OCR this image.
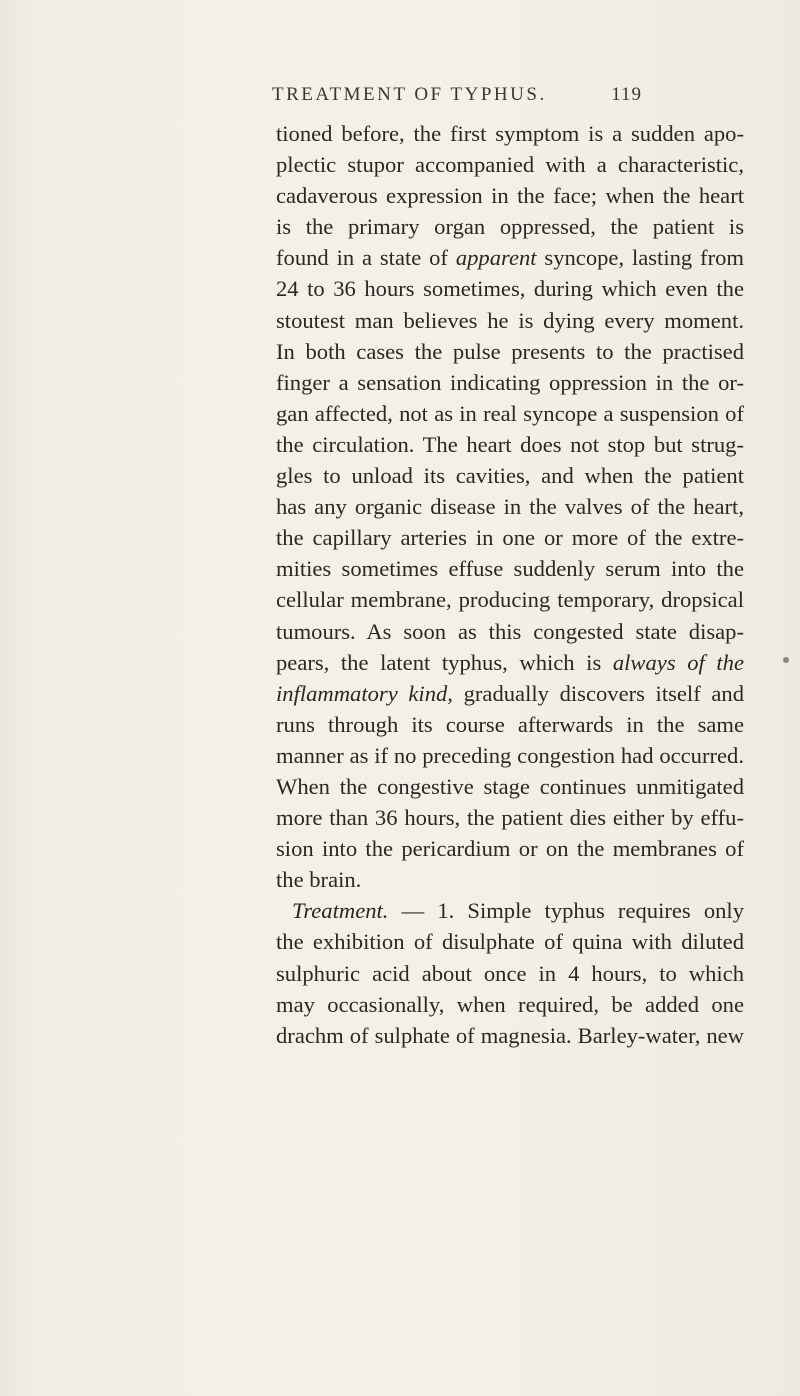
TREATMENT OF TYPHUS.	119
tioned before, the first symptom is a sudden apo-
plectic stupor accompanied with a characteristic,
cadaverous expression in the face; when the heart
is the primary organ oppressed, the patient is
found in a state of apparent syncope, lasting from
24 to 36 hours sometimes, during which even the
stoutest man believes he is dying every moment.
In both cases the pulse presents to the practised
finger a sensation indicating oppression in the or-
gan affected, not as in real syncope a suspension of
the circulation. The heart does not stop but strug-
gles to unload its cavities, and when the patient
has any organic disease in the valves of the heart,
the capillary arteries in one or more of the extre-
mities sometimes effuse suddenly serum into the
cellular membrane, producing temporary, dropsical
tumours. As soon as this congested state disap-
pears, the latent typhus, which is always of the
inflammatory kind, gradually discovers itself and
runs through its course afterwards in the same
manner as if no preceding congestion had occurred.
When the congestive stage continues unmitigated
more than 36 hours, the patient dies either by effu-
sion into the pericardium or on the membranes of
the brain.
Treatment. — 1. Simple typhus requires only
the exhibition of disulphate of quina with diluted
sulphuric acid about once in 4 hours, to which
may occasionally, when required, be added one
drachm of sulphate of magnesia. Barley-water, new
